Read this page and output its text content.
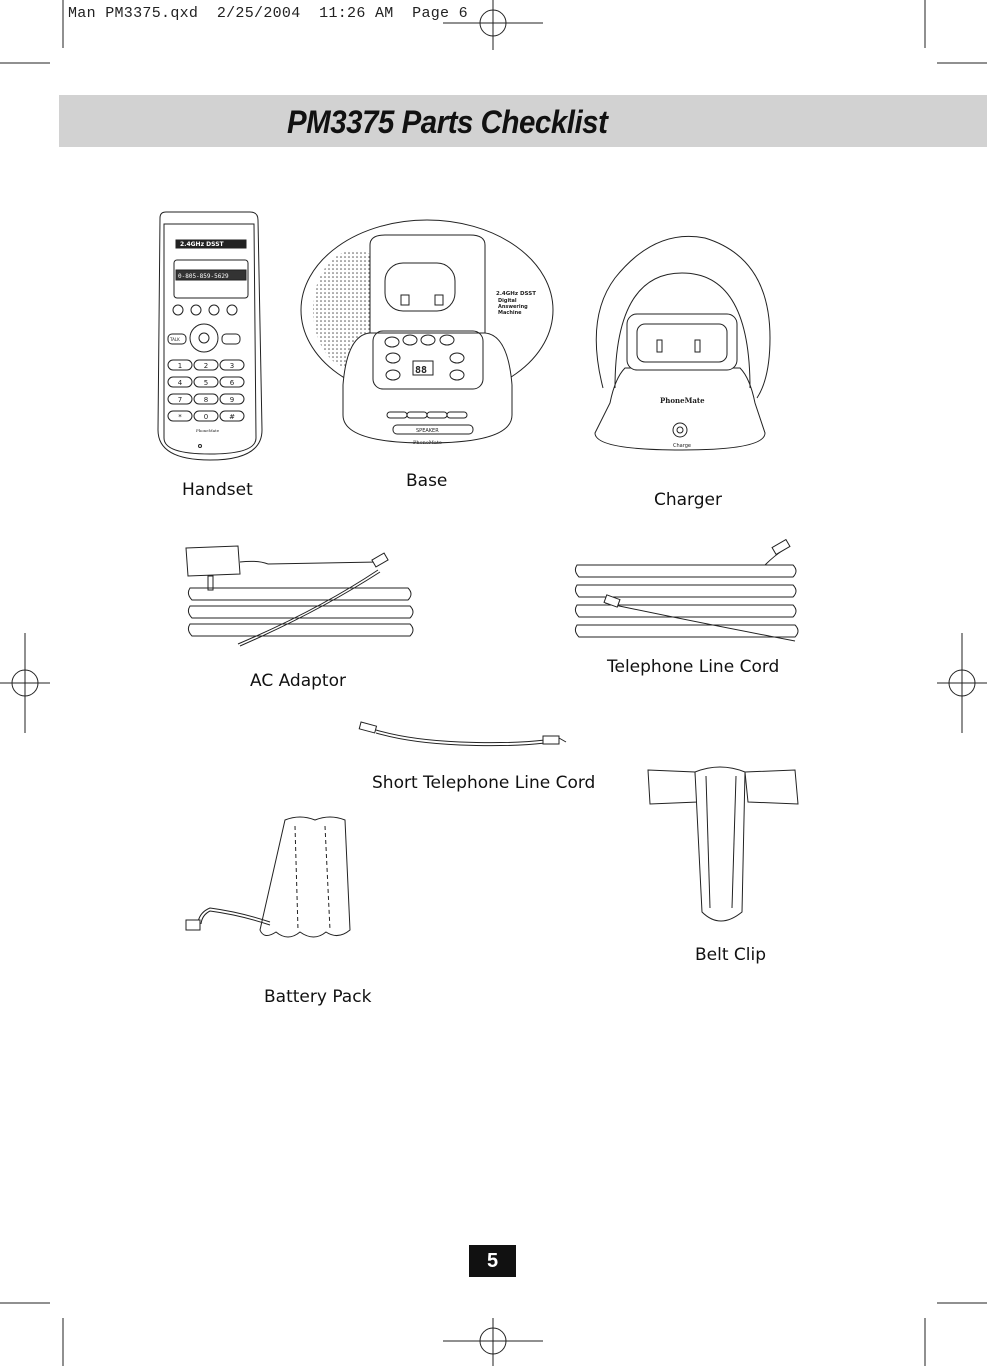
Man PM3375.qxd  2/25/2004  11:26 AM  Page 6
PM3375 Parts Checklist
2.4GHz DSST
0-805-859-5629
TALK
1	2	3
4	5	6
7	8	9
*	0	#
PhoneMate
Handset
88
SPEAKER
2.4GHz DSST
Digital
Answering
Machine
PhoneMate
Base
PhoneMate
Charge
Charger
AC Adaptor
Telephone Line Cord
Short Telephone Line Cord
Battery Pack
Belt Clip
5
